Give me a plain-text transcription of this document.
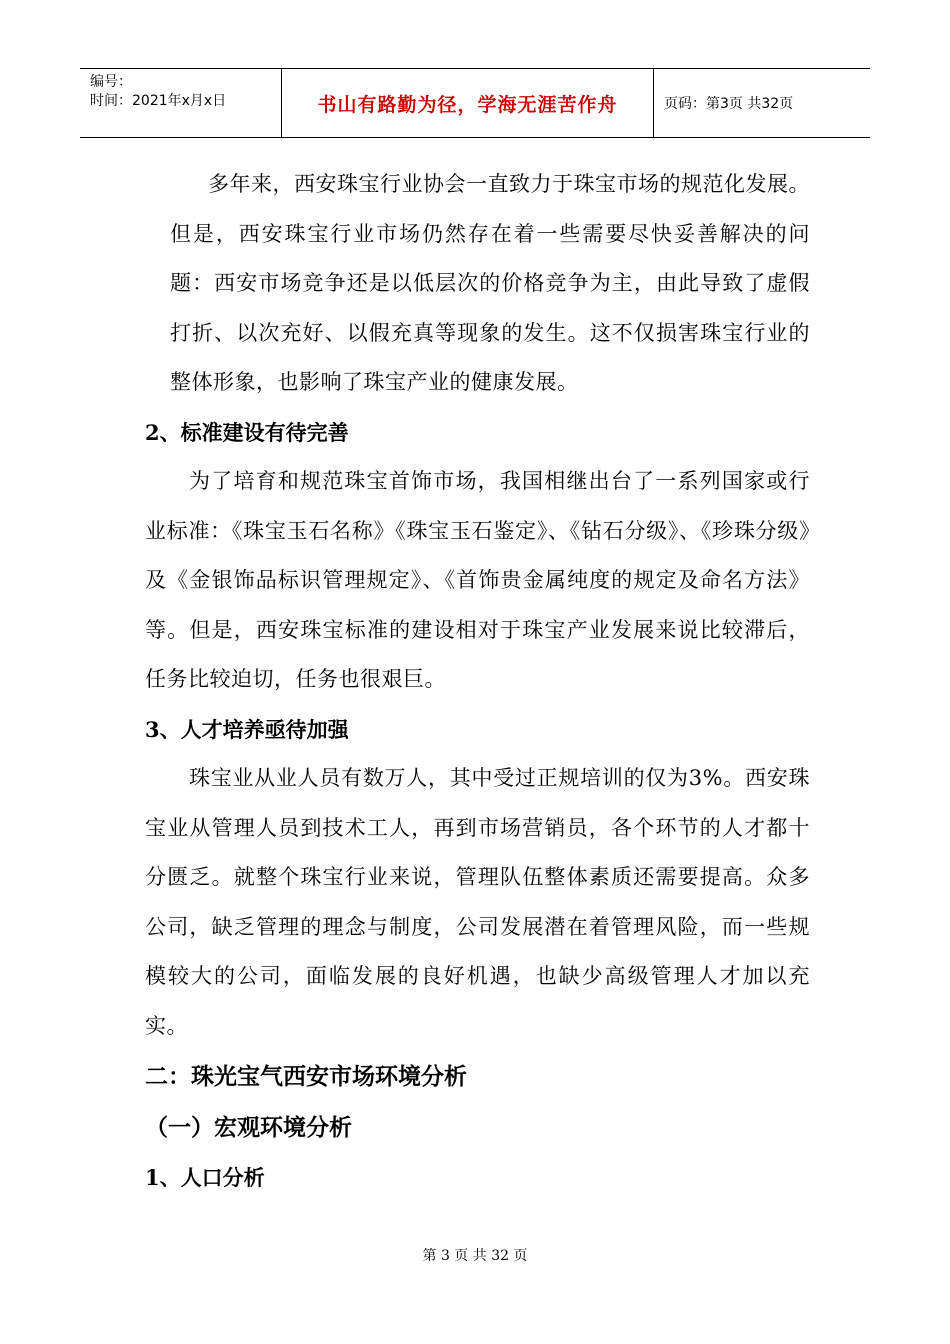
编号：
时间：2021年x月x日	书山有路勤为径，学海无涯苦作舟	页码：第3页 共32页

多年来，西安珠宝行业协会一直致力于珠宝市场的规范化发展。但是，西安珠宝行业市场仍然存在着一些需要尽快妥善解决的问题：西安市场竞争还是以低层次的价格竞争为主，由此导致了虚假打折、以次充好、以假充真等现象的发生。这不仅损害珠宝行业的整体形象，也影响了珠宝产业的健康发展。

2、标准建设有待完善

为了培育和规范珠宝首饰市场，我国相继出台了一系列国家或行业标准：《珠宝玉石名称》《珠宝玉石鉴定》、《钻石分级》、《珍珠分级》及《金银饰品标识管理规定》、《首饰贵金属纯度的规定及命名方法》等。但是，西安珠宝标准的建设相对于珠宝产业发展来说比较滞后，任务比较迫切，任务也很艰巨。

3、人才培养亟待加强

珠宝业从业人员有数万人，其中受过正规培训的仅为3%。西安珠宝业从管理人员到技术工人，再到市场营销员，各个环节的人才都十分匮乏。就整个珠宝行业来说，管理队伍整体素质还需要提高。众多公司，缺乏管理的理念与制度，公司发展潜在着管理风险，而一些规模较大的公司，面临发展的良好机遇，也缺少高级管理人才加以充实。

二：珠光宝气西安市场环境分析

（一）宏观环境分析

1、人口分析

第 3 页 共 32 页
